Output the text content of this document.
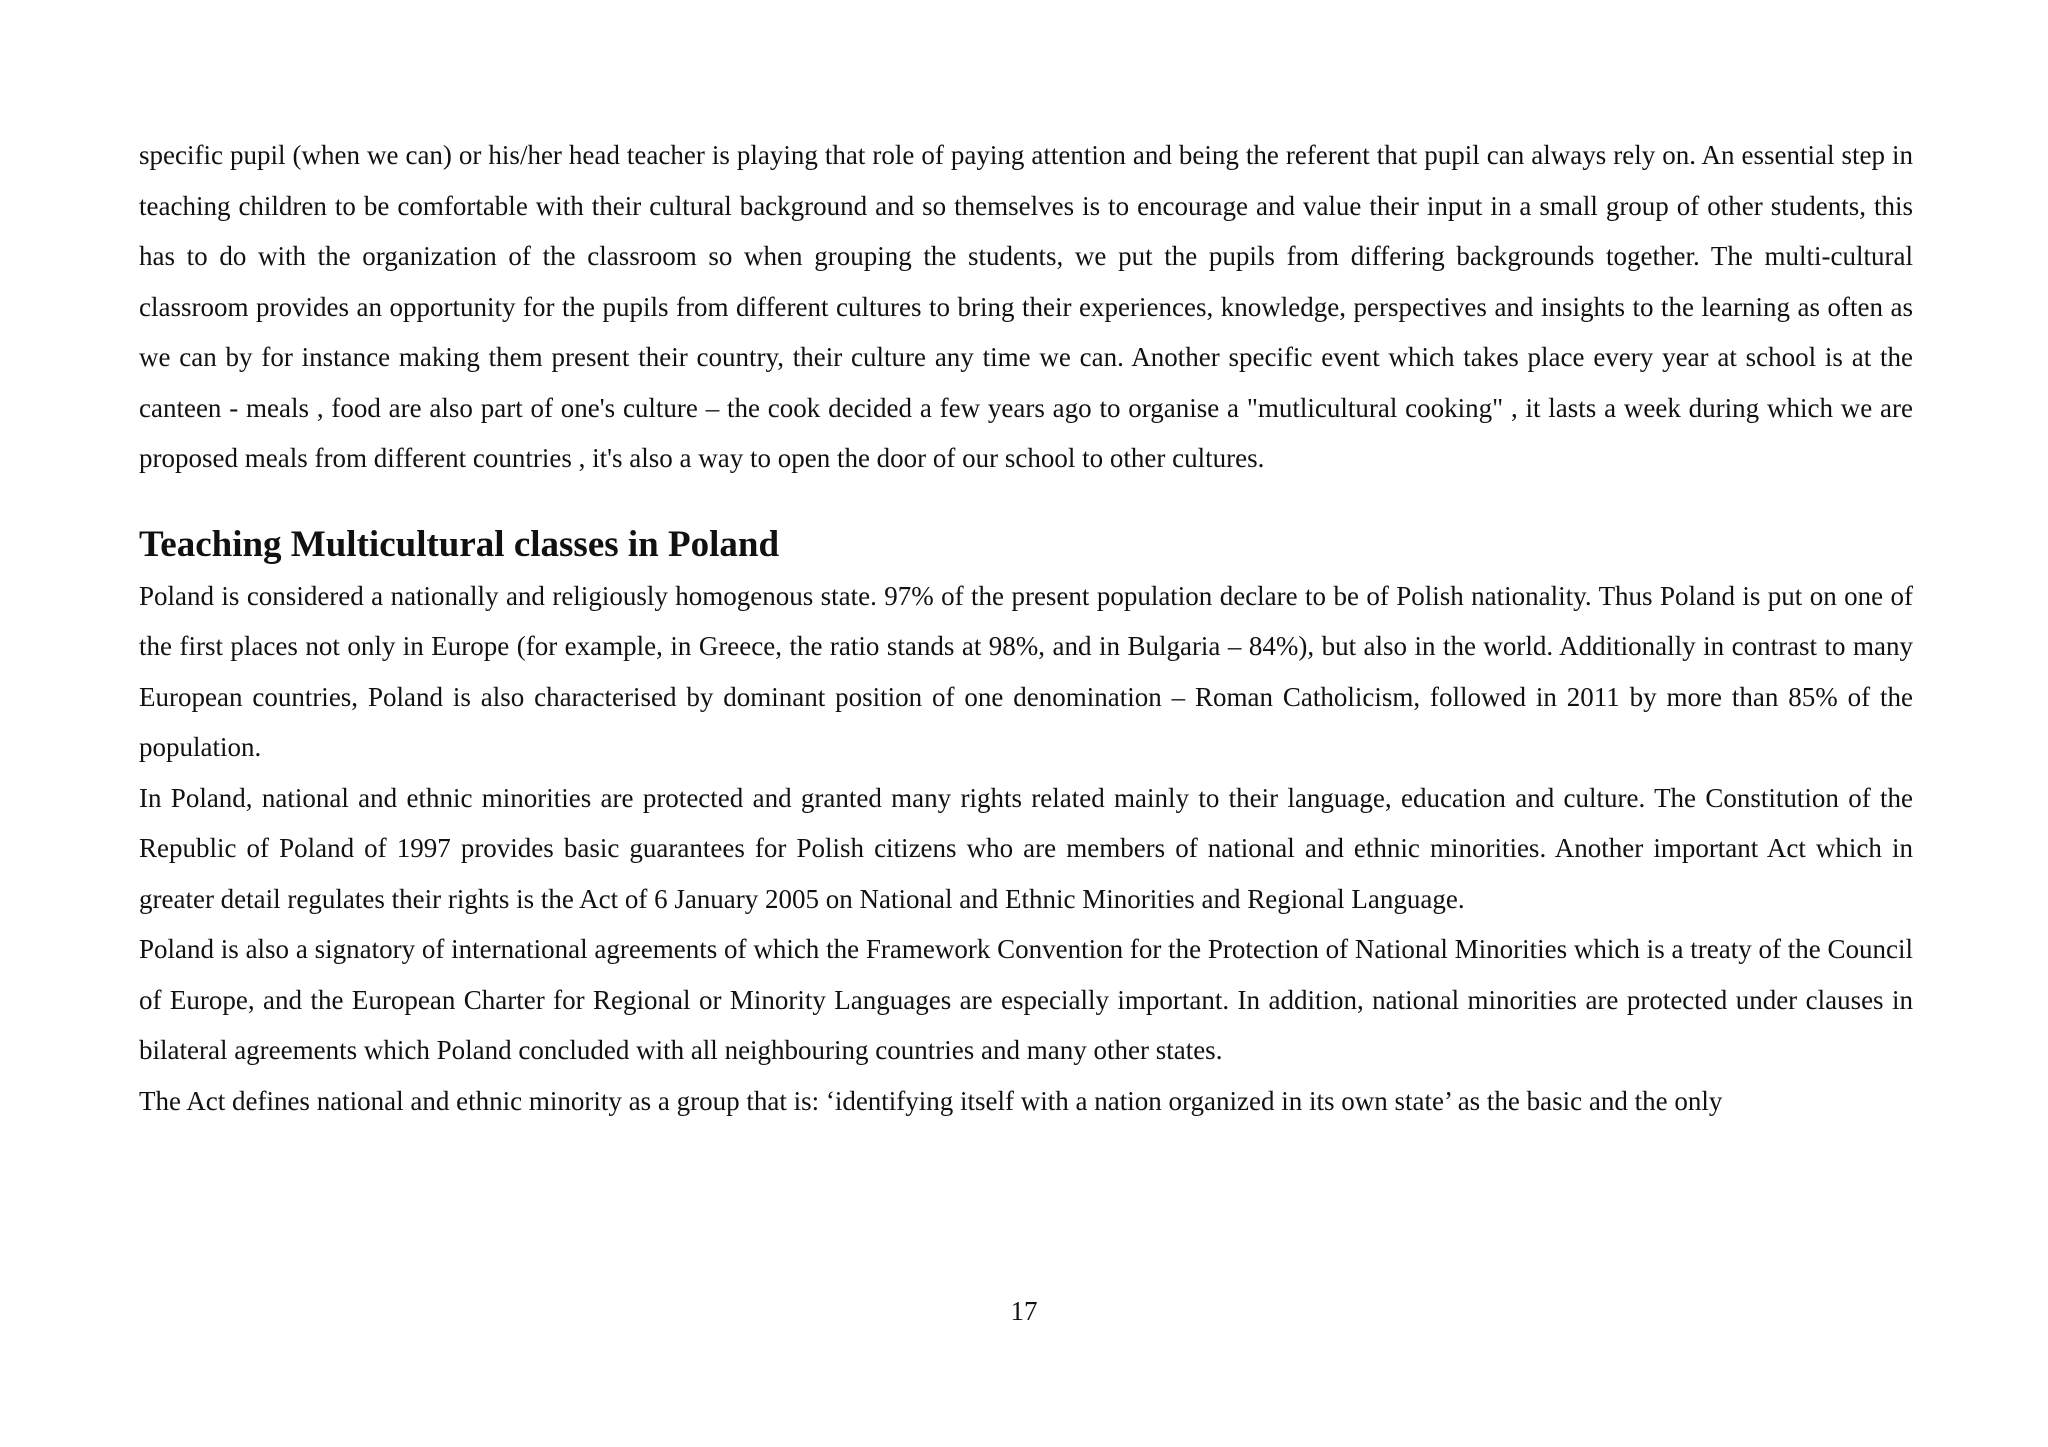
specific pupil (when we can) or his/her head teacher is playing that role of paying attention and being the referent that pupil can always rely on. An essential step in teaching children to be comfortable with their cultural background and so themselves is to encourage and value their input in a small group of other students, this has to do with the organization of the classroom so when grouping the students, we put the pupils from differing backgrounds together. The multi-cultural classroom provides an opportunity for the pupils from different cultures to bring their experiences, knowledge, perspectives and insights to the learning as often as we can by for instance making them present their country, their culture any time we can. Another specific event which takes place every year at school is at the canteen - meals , food are also part of one's culture – the cook decided a few years ago to organise a "mutlicultural cooking" , it lasts a week during which we are proposed meals from different countries , it's also a way to open the door of our school to other cultures.

Teaching Multicultural classes in Poland

Poland is considered a nationally and religiously homogenous state. 97% of the present population declare to be of Polish nationality. Thus Poland is put on one of the first places not only in Europe (for example, in Greece, the ratio stands at 98%, and in Bulgaria – 84%), but also in the world. Additionally in contrast to many European countries, Poland is also characterised by dominant position of one denomination – Roman Catholicism, followed in 2011 by more than 85% of the population.

In Poland, national and ethnic minorities are protected and granted many rights related mainly to their language, education and culture. The Constitution of the Republic of Poland of 1997 provides basic guarantees for Polish citizens who are members of national and ethnic minorities. Another important Act which in greater detail regulates their rights is the Act of 6 January 2005 on National and Ethnic Minorities and Regional Language.

Poland is also a signatory of international agreements of which the Framework Convention for the Protection of National Minorities which is a treaty of the Council of Europe, and the European Charter for Regional or Minority Languages are especially important. In addition, national minorities are protected under clauses in bilateral agreements which Poland concluded with all neighbouring countries and many other states.

The Act defines national and ethnic minority as a group that is: ‘identifying itself with a nation organized in its own state’ as the basic and the only

17
